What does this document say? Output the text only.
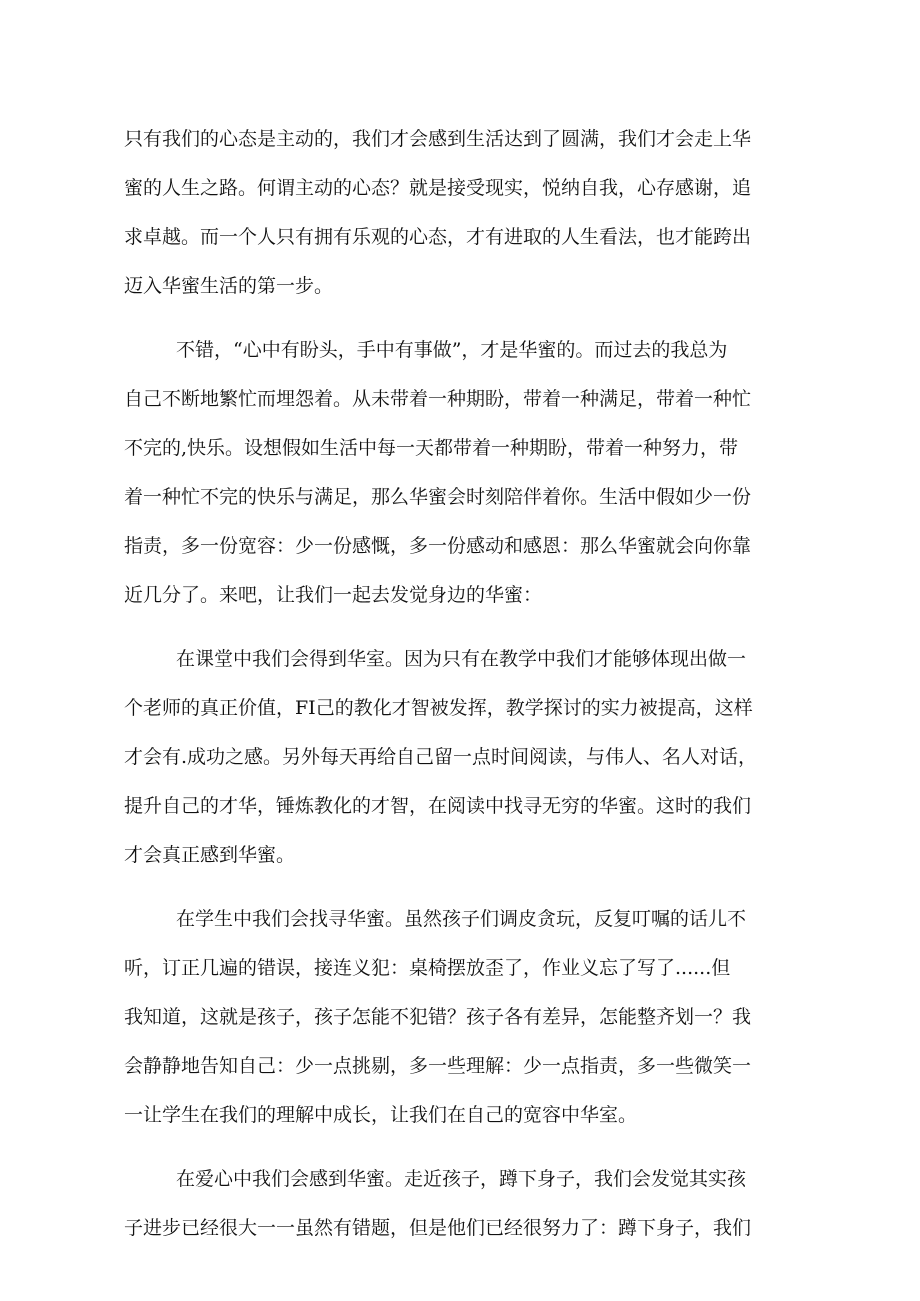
只有我们的心态是主动的，我们才会感到生活达到了圆满，我们才会走上华
蜜的人生之路。何谓主动的心态？就是接受现实，悦纳自我，心存感谢，追
求卓越。而一个人只有拥有乐观的心态，才有进取的人生看法，也才能跨出
迈入华蜜生活的第一步。
不错，“心中有盼头，手中有事做”，才是华蜜的。而过去的我总为
自己不断地繁忙而埋怨着。从未带着一种期盼，带着一种满足，带着一种忙
不完的,快乐。设想假如生活中每一天都带着一种期盼，带着一种努力，带
着一种忙不完的快乐与满足，那么华蜜会时刻陪伴着你。生活中假如少一份
指责，多一份宽容：少一份感慨，多一份感动和感恩：那么华蜜就会向你靠
近几分了。来吧，让我们一起去发觉身边的华蜜：
在课堂中我们会得到华室。因为只有在教学中我们才能够体现出做一
个老师的真正价值，FI己的教化才智被发挥，教学探讨的实力被提高，这样
才会有.成功之感。另外每天再给自己留一点时间阅读，与伟人、名人对话，
提升自己的才华，锤炼教化的才智，在阅读中找寻无穷的华蜜。这时的我们
才会真正感到华蜜。
在学生中我们会找寻华蜜。虽然孩子们调皮贪玩，反复叮嘱的话儿不
听，订正几遍的错误，接连义犯：桌椅摆放歪了，作业义忘了写了......但
我知道，这就是孩子，孩子怎能不犯错？孩子各有差异，怎能整齐划一？我
会静静地告知自己：少一点挑剔，多一些理解：少一点指责，多一些微笑一
一让学生在我们的理解中成长，让我们在自己的宽容中华室。
在爱心中我们会感到华蜜。走近孩子，蹲下身子，我们会发觉其实孩
子进步已经很大一一虽然有错题，但是他们已经很努力了：蹲下身子，我们
